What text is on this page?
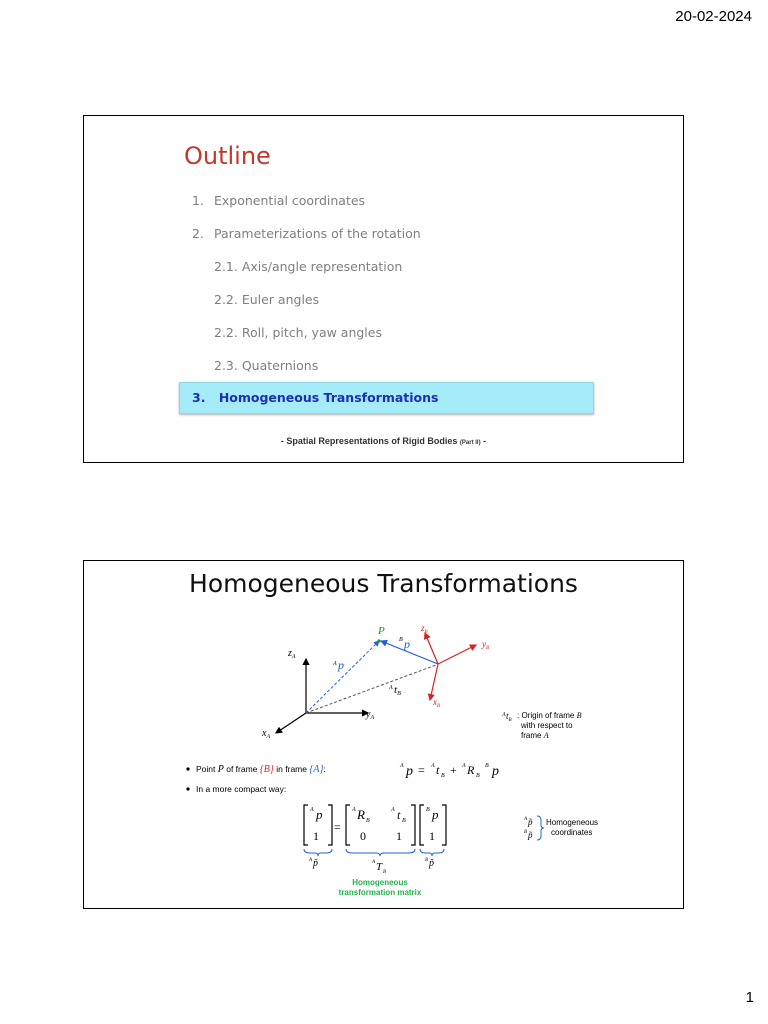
20-02-2024
Outline
1. Exponential coordinates
2. Parameterizations of the rotation
2.1. Axis/angle representation
2.2. Euler angles
2.2. Roll, pitch, yaw angles
2.3. Quaternions
3. Homogeneous Transformations
- Spatial Representations of Rigid Bodies (Part II) -
Homogeneous Transformations
$z_A$
$y_A$
$x_A$
A p
A tB
B p
P	$z_B$
$y_B$
$x_B$
A $t_B$
: Origin of frame B
with respect to
frame A
Point P of frame {B} in frame {A}:	A p = A t B + A R B
B p
In a more compact way:
A p
1
=
A R B
A t B
0	1
B p
1
A p̃	A T B
B p̃
Homogeneous
transformation matrix
A p̃
B p̃
Homogeneous
coordinates
1
